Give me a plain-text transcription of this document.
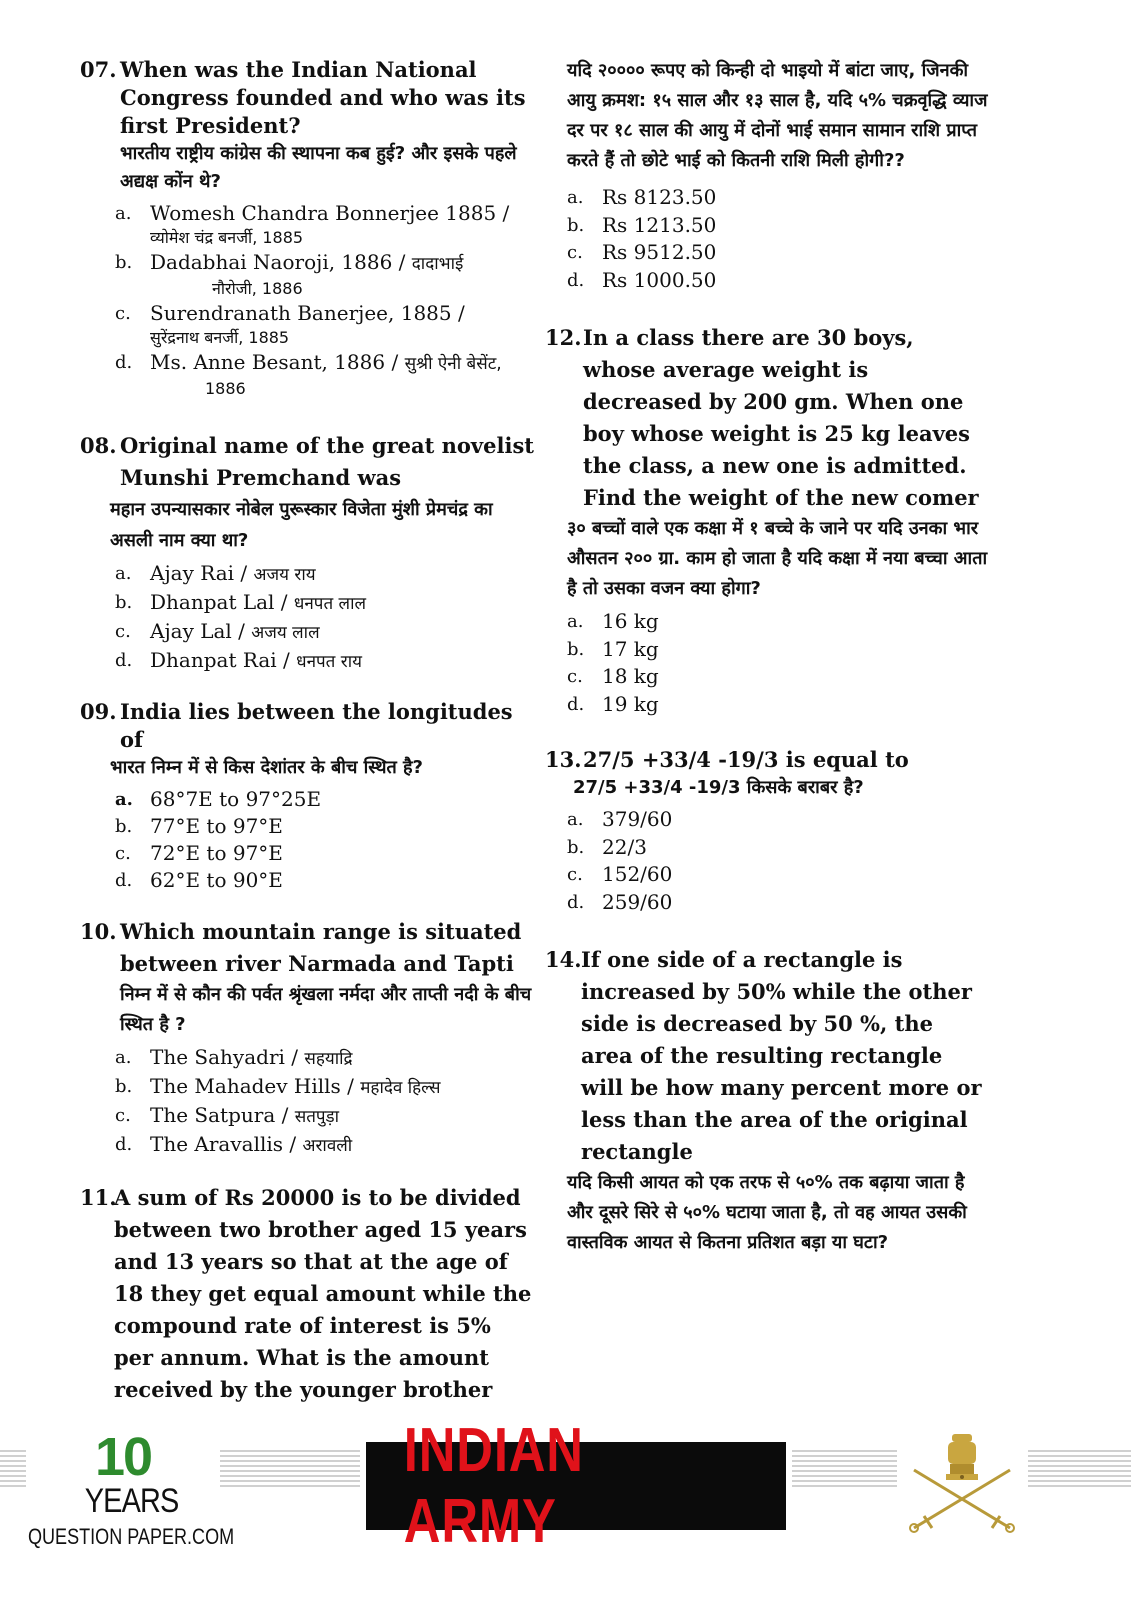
07. When was the Indian National Congress founded and who was its first President?

भारतीय राष्ट्रीय कांग्रेस की स्थापना कब हुई? और इसके पहले अद्यक्ष कोंन थे?

a. Womesh Chandra Bonnerjee 1885 /
व्योमेश चंद्र बनर्जी, 1885
b. Dadabhai Naoroji, 1886 / दादाभाई
नौरोजी, 1886
c. Surendranath Banerjee, 1885 /
सुरेंद्रनाथ बनर्जी, 1885
d. Ms. Anne Besant, 1886 / सुश्री ऐनी बेसेंट,
1886

08. Original name of the great novelist Munshi Premchand was

महान उपन्यासकार नोबेल पुरूस्कार विजेता मुंशी प्रेमचंद्र का असली नाम क्या था?

a. Ajay Rai / अजय राय
b. Dhanpat Lal / धनपत लाल
c. Ajay Lal / अजय लाल
d. Dhanpat Rai / धनपत राय

09. India lies between the longitudes of

भारत निम्न में से किस देशांतर के बीच स्थित है?

a. 68°7E to 97°25E
b. 77°E to 97°E
c. 72°E to 97°E
d. 62°E to 90°E

10. Which mountain range is situated between river Narmada and Tapti

निम्न में से कौन की पर्वत श्रृंखला नर्मदा और ताप्ती नदी के बीच स्थित है ?

a. The Sahyadri / सहयाद्रि
b. The Mahadev Hills / महादेव हिल्स
c. The Satpura / सतपुड़ा
d. The Aravallis / अरावली

11.A sum of Rs 20000 is to be divided between two brother aged 15 years and 13 years so that at the age of 18 they get equal amount while the compound rate of interest is 5% per annum. What is the amount received by the younger brother

यदि २०००० रूपए को किन्ही दो भाइयो में बांटा जाए, जिनकी आयु क्रमश: १५ साल और १३ साल है, यदि ५% चक्रवृद्धि व्याज दर पर १८ साल की आयु में दोनों भाई समान सामान राशि प्राप्त करते हैं तो छोटे भाई को कितनी राशि मिली होगी??

a. Rs 8123.50
b. Rs 1213.50
c. Rs 9512.50
d. Rs 1000.50

12.In a class there are 30 boys, whose average weight is decreased by 200 gm. When one boy whose weight is 25 kg leaves the class, a new one is admitted. Find the weight of the new comer

३० बच्चों वाले एक कक्षा में १ बच्चे के जाने पर यदि उनका भार औसतन २०० ग्रा. काम हो जाता है यदि कक्षा में नया बच्चा आता है तो उसका वजन क्या होगा?

a. 16 kg
b. 17 kg
c. 18 kg
d. 19 kg

13.27/5 +33/4 -19/3 is equal to

27/5 +33/4 -19/3 किसके बराबर है?

a. 379/60
b. 22/3
c. 152/60
d. 259/60

14.If one side of a rectangle is increased by 50% while the other side is decreased by 50 %, the area of the resulting rectangle will be how many percent more or less than the area of the original rectangle

यदि किसी आयत को एक तरफ से ५०% तक बढ़ाया जाता है और दूसरे सिरे से ५०% घटाया जाता है, तो वह आयत उसकी वास्तविक आयत से कितना प्रतिशत बड़ा या घटा?

10
YEARS
QUESTION PAPER.COM
INDIAN ARMY
